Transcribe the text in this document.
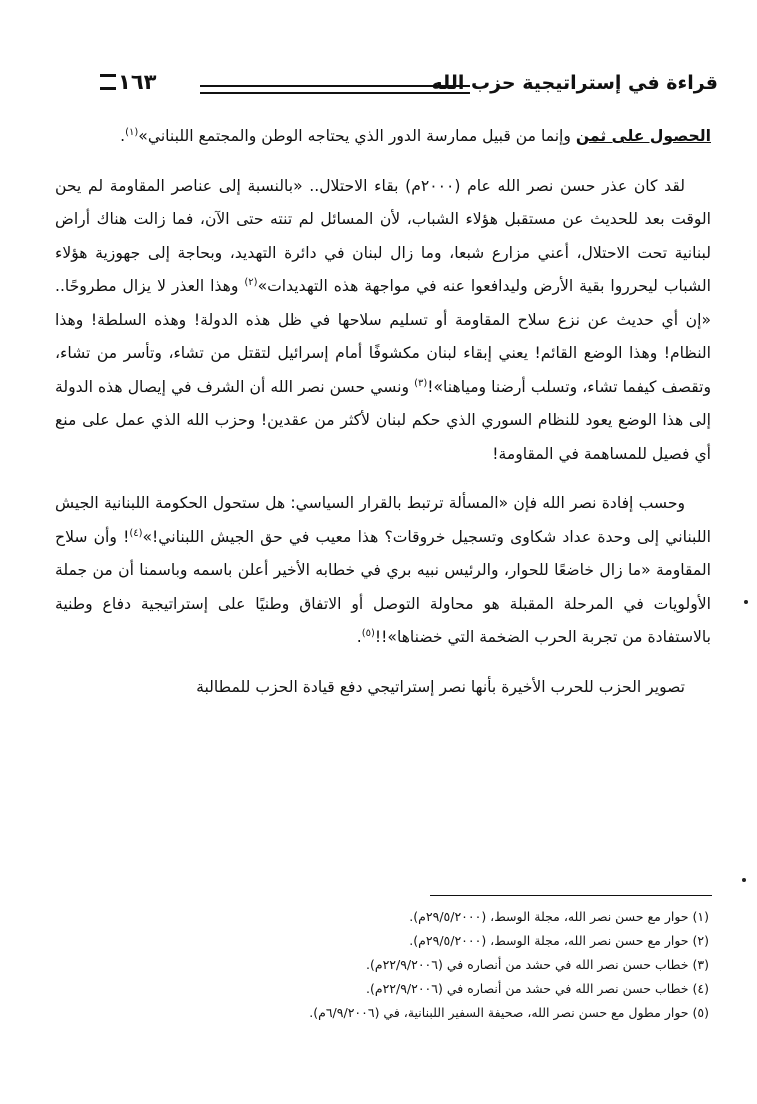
قراءة في إستراتيجية حزب الله
١٦٣

الحصول على ثمن وإنما من قبيل ممارسة الدور الذي يحتاجه الوطن والمجتمع اللبناني»$^{(١)}$.

لقد كان عذر حسن نصر الله عام (٢٠٠٠م) بقاء الاحتلال.. «بالنسبة إلى عناصر المقاومة لم يحن الوقت بعد للحديث عن مستقبل هؤلاء الشباب، لأن المسائل لم تنته حتى الآن، فما زالت هناك أراض لبنانية تحت الاحتلال، أعني مزارع شبعا، وما زال لبنان في دائرة التهديد، وبحاجة إلى جهوزية هؤلاء الشباب ليحرروا بقية الأرض وليدافعوا عنه في مواجهة هذه التهديدات»$^{(٢)}$ وهذا العذر لا يزال مطروحًا.. «إن أي حديث عن نزع سلاح المقاومة أو تسليم سلاحها في ظل هذه الدولة! وهذه السلطة! وهذا النظام! وهذا الوضع القائم! يعني إبقاء لبنان مكشوفًا أمام إسرائيل لتقتل من تشاء، وتأسر من تشاء، وتقصف كيفما تشاء، وتسلب أرضنا ومياهنا»!$^{(٣)}$ ونسي حسن نصر الله أن الشرف في إيصال هذه الدولة إلى هذا الوضع يعود للنظام السوري الذي حكم لبنان لأكثر من عقدين! وحزب الله الذي عمل على منع أي فصيل للمساهمة في المقاومة!

وحسب إفادة نصر الله فإن «المسألة ترتبط بالقرار السياسي: هل ستحول الحكومة اللبنانية الجيش اللبناني إلى وحدة عداد شكاوى وتسجيل خروقات؟ هذا معيب في حق الجيش اللبناني!»$^{(٤)}$! وأن سلاح المقاومة «ما زال خاضعًا للحوار، والرئيس نبيه بري في خطابه الأخير أعلن باسمه وباسمنا أن من جملة الأولويات في المرحلة المقبلة هو محاولة التوصل أو الاتفاق وطنيًا على إستراتيجية دفاع وطنية بالاستفادة من تجربة الحرب الضخمة التي خضناها»!!$^{(٥)}$.

تصوير الحزب للحرب الأخيرة بأنها نصر إستراتيجي دفع قيادة الحزب للمطالبة

(١) حوار مع حسن نصر الله، مجلة الوسط، (٢٩/٥/٢٠٠٠م).
(٢) حوار مع حسن نصر الله، مجلة الوسط، (٢٩/٥/٢٠٠٠م).
(٣) خطاب حسن نصر الله في حشد من أنصاره في (٢٢/٩/٢٠٠٦م).
(٤) خطاب حسن نصر الله في حشد من أنصاره في (٢٢/٩/٢٠٠٦م).
(٥) حوار مطول مع حسن نصر الله، صحيفة السفير اللبنانية، في (٦/٩/٢٠٠٦م).
